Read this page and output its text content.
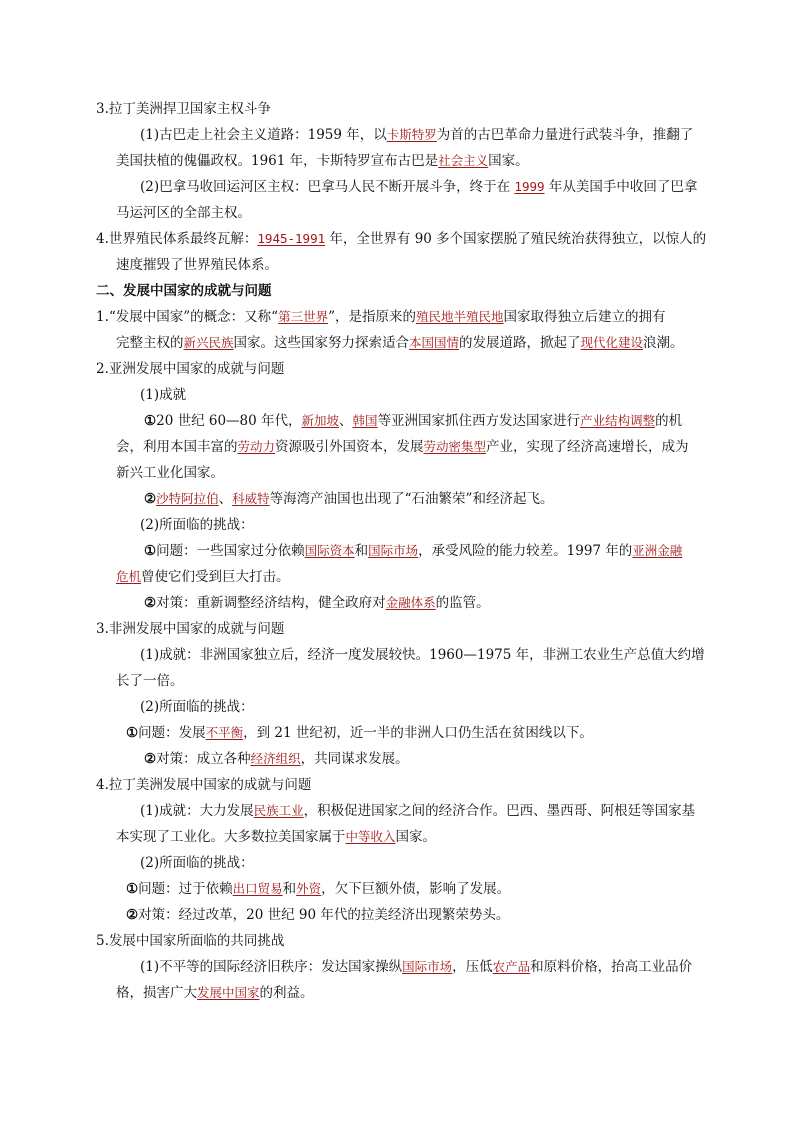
3.拉丁美洲捍卫国家主权斗争
(1)古巴走上社会主义道路：1959 年，以卡斯特罗为首的古巴革命力量进行武装斗争，推翻了
美国扶植的傀儡政权。1961 年，卡斯特罗宣布古巴是社会主义国家。
(2)巴拿马收回运河区主权：巴拿马人民不断开展斗争，终于在 1999 年从美国手中收回了巴拿
马运河区的全部主权。
4.世界殖民体系最终瓦解：1945-1991 年，全世界有 90 多个国家摆脱了殖民统治获得独立，以惊人的
速度摧毁了世界殖民体系。
二、发展中国家的成就与问题
1.“发展中国家”的概念：又称“第三世界”，是指原来的殖民地半殖民地国家取得独立后建立的拥有
完整主权的新兴民族国家。这些国家努力探索适合本国国情的发展道路，掀起了现代化建设浪潮。
2.亚洲发展中国家的成就与问题
(1)成就
①20 世纪 60—80 年代，新加坡、韩国等亚洲国家抓住西方发达国家进行产业结构调整的机
会，利用本国丰富的劳动力资源吸引外国资本，发展劳动密集型产业，实现了经济高速增长，成为
新兴工业化国家。
②沙特阿拉伯、科威特等海湾产油国也出现了“石油繁荣”和经济起飞。
(2)所面临的挑战：
①问题：一些国家过分依赖国际资本和国际市场，承受风险的能力较差。1997 年的亚洲金融
危机曾使它们受到巨大打击。
②对策：重新调整经济结构，健全政府对金融体系的监管。
3.非洲发展中国家的成就与问题
(1)成就：非洲国家独立后，经济一度发展较快。1960—1975 年，非洲工农业生产总值大约增
长了一倍。
(2)所面临的挑战：
①问题：发展不平衡，到 21 世纪初，近一半的非洲人口仍生活在贫困线以下。
②对策：成立各种经济组织，共同谋求发展。
4.拉丁美洲发展中国家的成就与问题
(1)成就：大力发展民族工业，积极促进国家之间的经济合作。巴西、墨西哥、阿根廷等国家基
本实现了工业化。大多数拉美国家属于中等收入国家。
(2)所面临的挑战：
①问题：过于依赖出口贸易和外资，欠下巨额外债，影响了发展。
②对策：经过改革，20 世纪 90 年代的拉美经济出现繁荣势头。
5.发展中国家所面临的共同挑战
(1)不平等的国际经济旧秩序：发达国家操纵国际市场，压低农产品和原料价格，抬高工业品价
格，损害广大发展中国家的利益。
